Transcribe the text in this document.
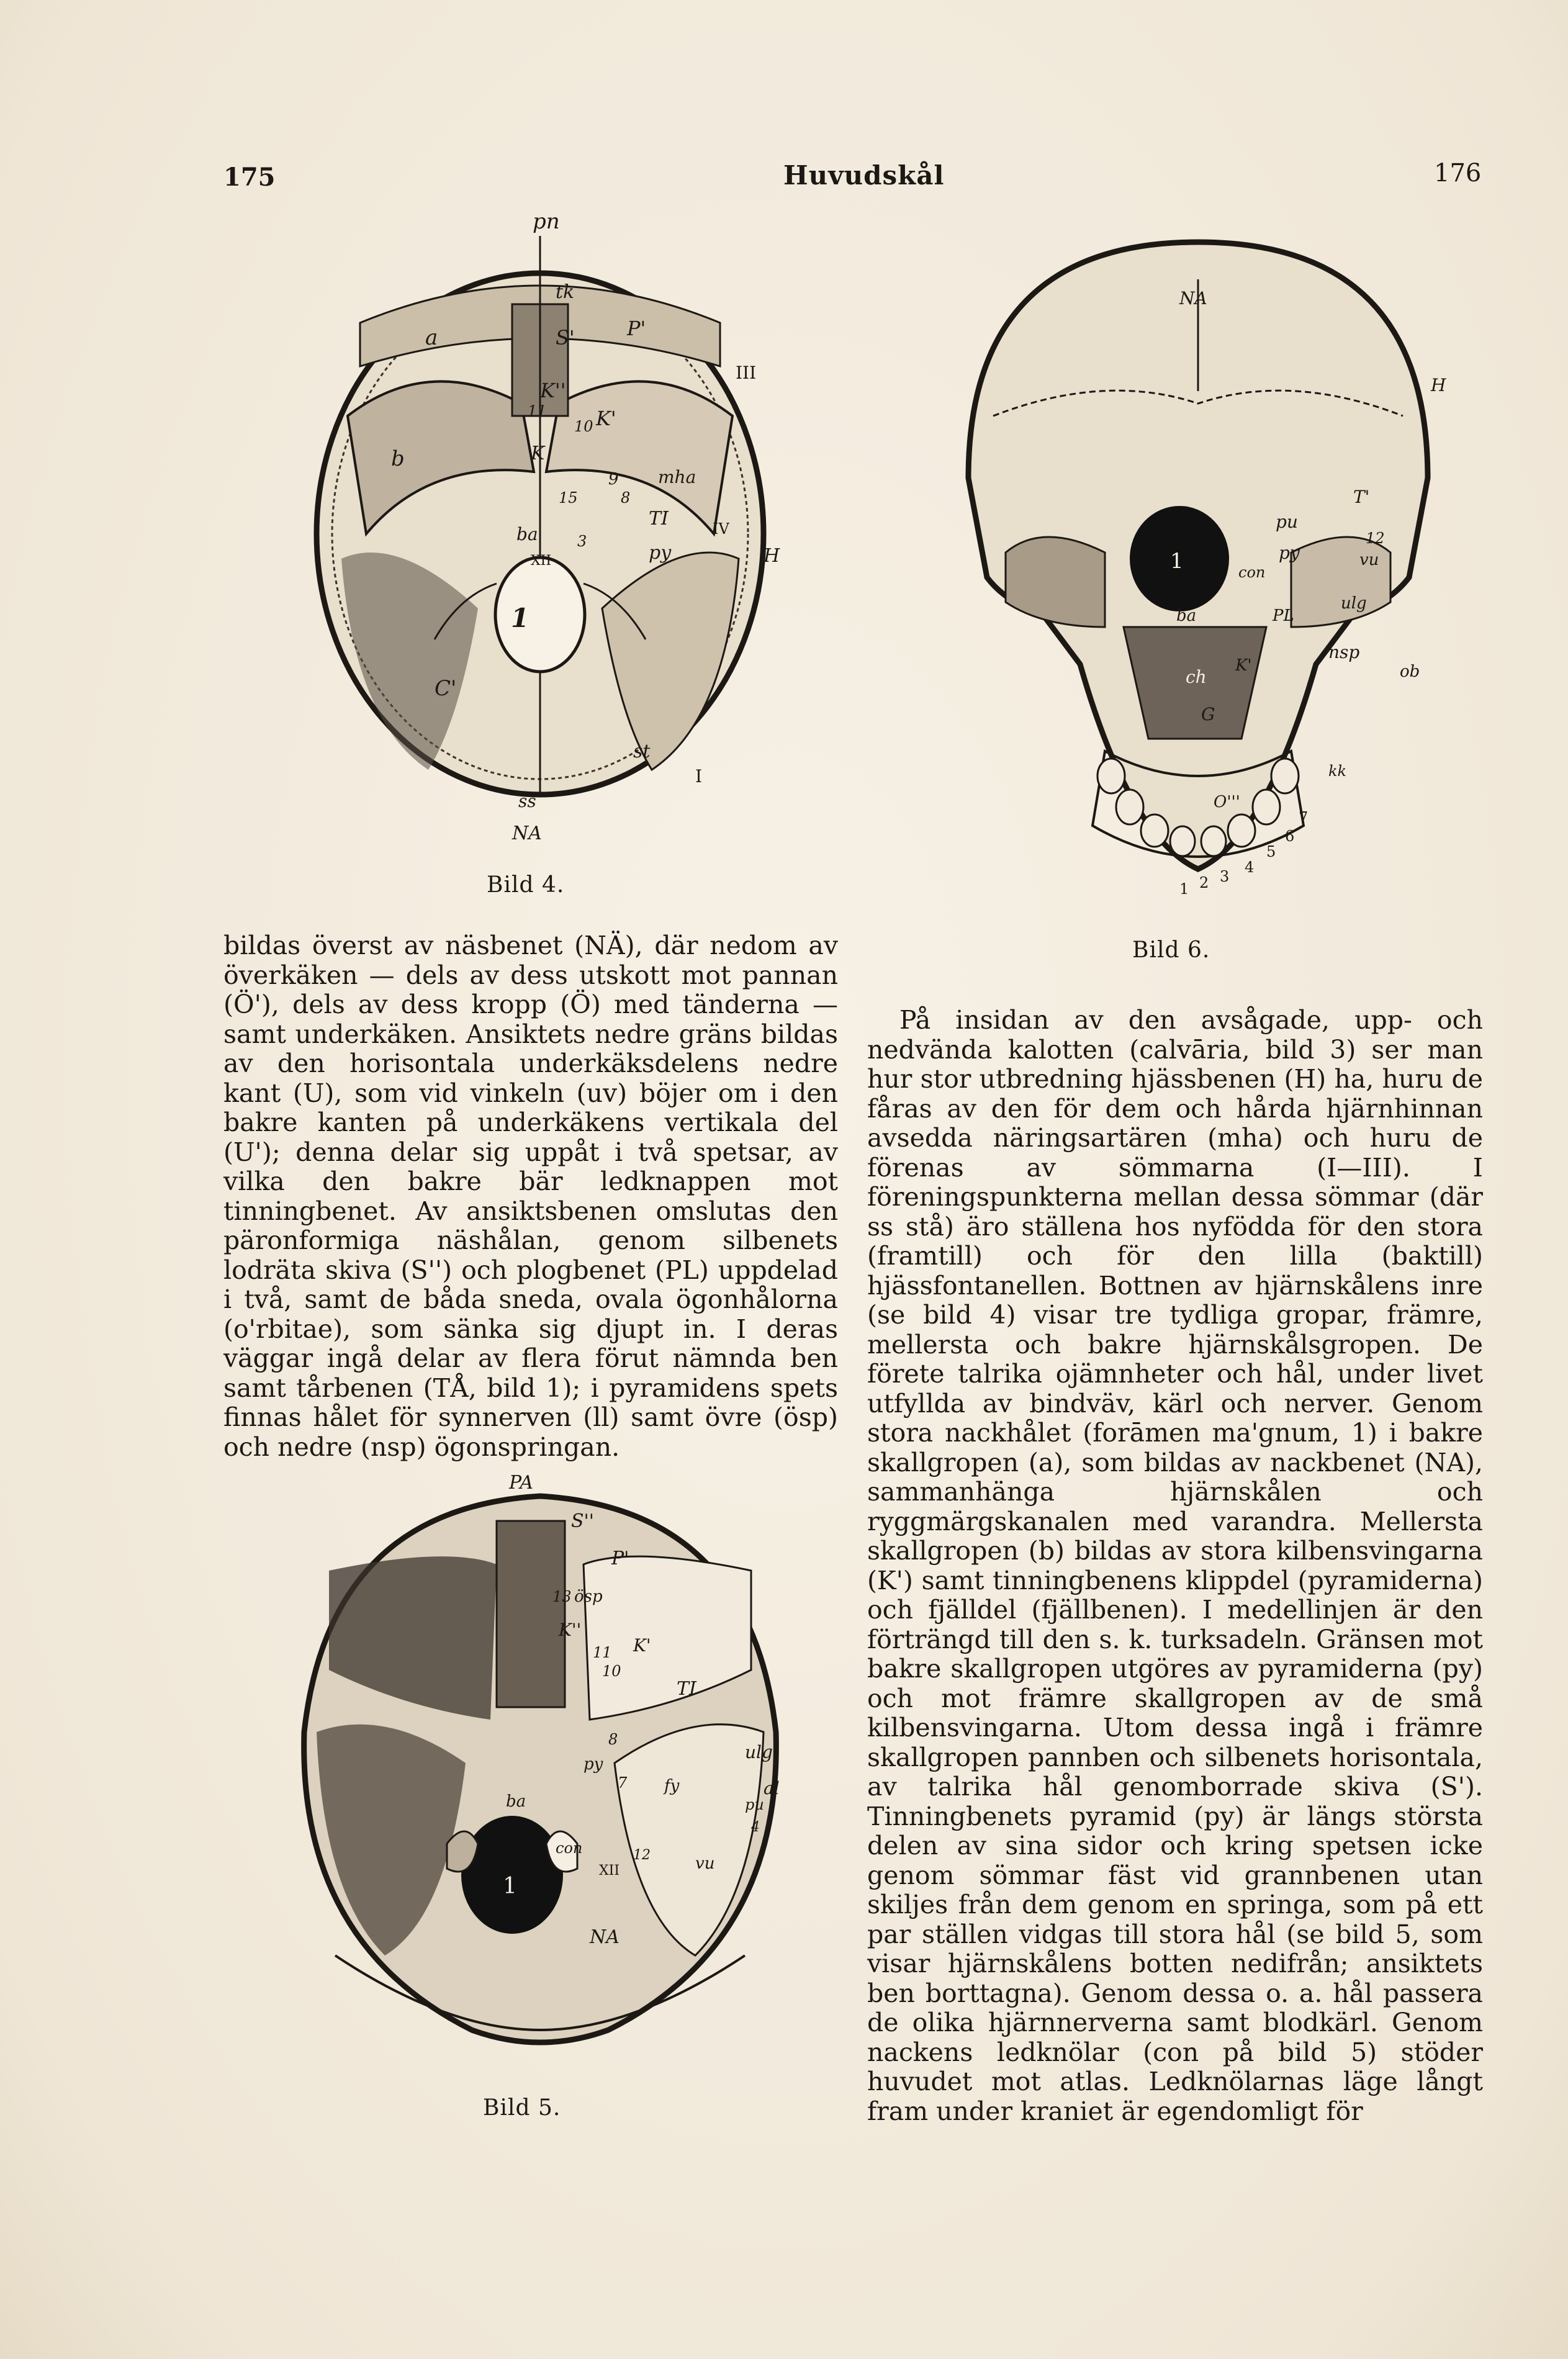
175	Huvudskål	176
pn
tk
a	S'	P'
K''
11
III
10 K'
b	K
9 mha
15	8
ba
TI
3
IV
py
XII	H
1
C'
st
ss
I
NA
Bild 4.
NA
H
T'
pu
12
py	vu
con
1
ba	PL
ulg
ch
K'
nsp
ob
G
O'''
kk
1 2 3
4
5
6
7
Bild 6.

bildas överst av näsbenet (NÄ), där nedom av överkäken — dels av dess utskott mot pannan (Ö'), dels av dess kropp (Ö) med tänderna — samt underkäken. Ansiktets nedre gräns bildas av den horisontala underkäksdelens nedre kant (U), som vid vinkeln (uv) böjer om i den bakre kanten på underkäkens vertikala del (U'); denna delar sig uppåt i två spetsar, av vilka den bakre bär ledknappen mot tinningbenet. Av ansiktsbenen omslutas den päronformiga näshålan, genom silbenets lodräta skiva (S'') och plogbenet (PL) uppdelad i två, samt de båda sneda, ovala ögonhålorna (o'rbitae), som sänka sig djupt in. I deras väggar ingå delar av flera förut nämnda ben samt tårbenen (TÅ, bild 1); i pyramidens spets finnas hålet för synnerven (ll) samt övre (ösp) och nedre (nsp) ögonspringan.

PA
S''
P'
13 ösp
K''
K'
11
10
TI
8
ulg
py
7 fy	al
ba	pu
4
con	12	vu
XII
1
NA
Bild 5.

På insidan av den avsågade, upp- och nedvända kalotten (calvāria, bild 3) ser man hur stor utbredning hjässbenen (H) ha, huru de fåras av den för dem och hårda hjärnhinnan avsedda näringsartären (mha) och huru de förenas av sömmarna (I—III). I föreningspunkterna mellan dessa sömmar (där ss stå) äro ställena hos nyfödda för den stora (framtill) och för den lilla (baktill) hjässfontanellen. Bottnen av hjärnskålens inre (se bild 4) visar tre tydliga gropar, främre, mellersta och bakre hjärnskålsgropen. De förete talrika ojämnheter och hål, under livet utfyllda av bindväv, kärl och nerver. Genom stora nackhålet (forāmen ma'gnum, 1) i bakre skallgropen (a), som bildas av nackbenet (NA), sammanhänga hjärnskålen och ryggmärgskanalen med varandra. Mellersta skallgropen (b) bildas av stora kilbensvingarna (K') samt tinningbenens klippdel (pyramiderna) och fjälldel (fjällbenen). I medellinjen är den förträngd till den s. k. turksadeln. Gränsen mot bakre skallgropen utgöres av pyramiderna (py) och mot främre skallgropen av de små kilbensvingarna. Utom dessa ingå i främre skallgropen pannben och silbenets horisontala, av talrika hål genomborrade skiva (S'). Tinningbenets pyramid (py) är längs största delen av sina sidor och kring spetsen icke genom sömmar fäst vid grannbenen utan skiljes från dem genom en springa, som på ett par ställen vidgas till stora hål (se bild 5, som visar hjärnskålens botten nedifrån; ansiktets ben borttagna). Genom dessa o. a. hål passera de olika hjärnnerverna samt blodkärl. Genom nackens ledknölar (con på bild 5) stöder huvudet mot atlas. Ledknölarnas läge långt fram under kraniet är egendomligt för
